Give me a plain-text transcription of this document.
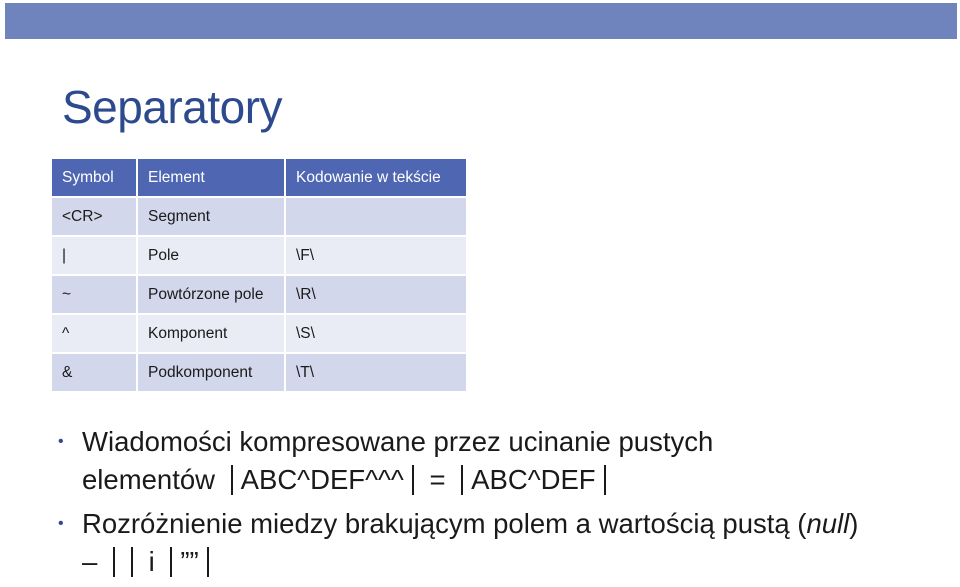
Separatory
Symbol	Element	Kodowanie w tekście
<CR>	Segment	
|	Pole	\F\
~	Powtórzone pole	\R\
^	Komponent	\S\
&	Podkomponent	\T\
• Wiadomości kompresowane przez ucinanie pustych
elementów ABC^DEF^^^ = ABC^DEF
• Rozróżnienie miedzy brakującym polem a wartością pustą (null)
– i ””
